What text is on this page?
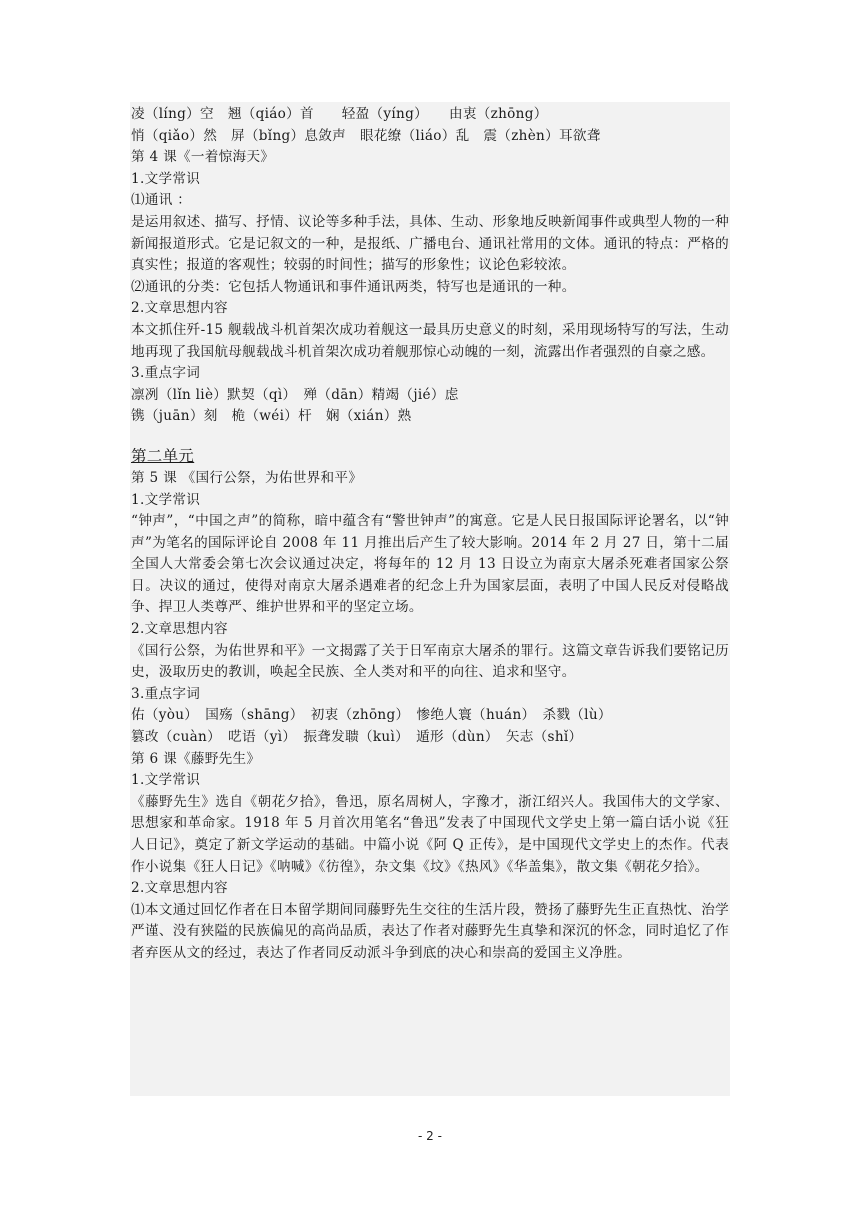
凌（líng）空　翘（qiáo）首　　轻盈（yíng）　　由衷（zhōng）
悄（qiǎo）然　屏（bǐng）息敛声　眼花缭（liáo）乱　震（zhèn）耳欲聋
第 4 课《一着惊海天》
1.文学常识
⑴通讯 ：
是运用叙述、描写、抒情、议论等多种手法，具体、生动、形象地反映新闻事件或典型人物的一种新闻报道形式。它是记叙文的一种，是报纸、广播电台、通讯社常用的文体。通讯的特点：严格的真实性；报道的客观性；较弱的时间性；描写的形象性；议论色彩较浓。
⑵通讯的分类：它包括人物通讯和事件通讯两类，特写也是通讯的一种。
2.文章思想内容
本文抓住歼-15 舰载战斗机首架次成功着舰这一最具历史意义的时刻，采用现场特写的写法，生动地再现了我国航母舰载战斗机首架次成功着舰那惊心动魄的一刻，流露出作者强烈的自豪之感。
3.重点字词
凛冽（lǐn liè）默契（qì）　殚（dān）精竭（jié）虑
镌（juān）刻　桅（wéi）杆　娴（xián）熟
第二单元
第 5 课 《国行公祭，为佑世界和平》
1.文学常识
“钟声”，“中国之声”的简称，暗中蕴含有“警世钟声”的寓意。它是人民日报国际评论署名，以“钟声”为笔名的国际评论自 2008 年 11 月推出后产生了较大影响。2014 年 2 月 27 日，第十二届全国人大常委会第七次会议通过决定，将每年的 12 月 13 日设立为南京大屠杀死难者国家公祭日。决议的通过，使得对南京大屠杀遇难者的纪念上升为国家层面，表明了中国人民反对侵略战争、捍卫人类尊严、维护世界和平的坚定立场。
2.文章思想内容
《国行公祭，为佑世界和平》一文揭露了关于日军南京大屠杀的罪行。这篇文章告诉我们要铭记历史，汲取历史的教训，唤起全民族、全人类对和平的向往、追求和坚守。
3.重点字词
佑（yòu）　国殇（shāng）　初衷（zhōng）　惨绝人寰（huán）　杀戮（lù）
篡改（cuàn）　呓语（yì）　振聋发聩（kuì）　遁形（dùn）　矢志（shǐ）
第 6 课《藤野先生》
1.文学常识
《藤野先生》选自《朝花夕拾》，鲁迅，原名周树人，字豫才，浙江绍兴人。我国伟大的文学家、思想家和革命家。1918 年 5 月首次用笔名“鲁迅”发表了中国现代文学史上第一篇白话小说《狂人日记》，奠定了新文学运动的基础。中篇小说《阿 Q 正传》，是中国现代文学史上的杰作。代表作小说集《狂人日记》《呐喊》《彷徨》，杂文集《坟》《热风》《华盖集》，散文集《朝花夕拾》。
2.文章思想内容
⑴本文通过回忆作者在日本留学期间同藤野先生交往的生活片段，赞扬了藤野先生正直热忱、治学严谨、没有狭隘的民族偏见的高尚品质，表达了作者对藤野先生真挚和深沉的怀念，同时追忆了作者弃医从文的经过，表达了作者同反动派斗争到底的决心和崇高的爱国主义净胜。
- 2 -
